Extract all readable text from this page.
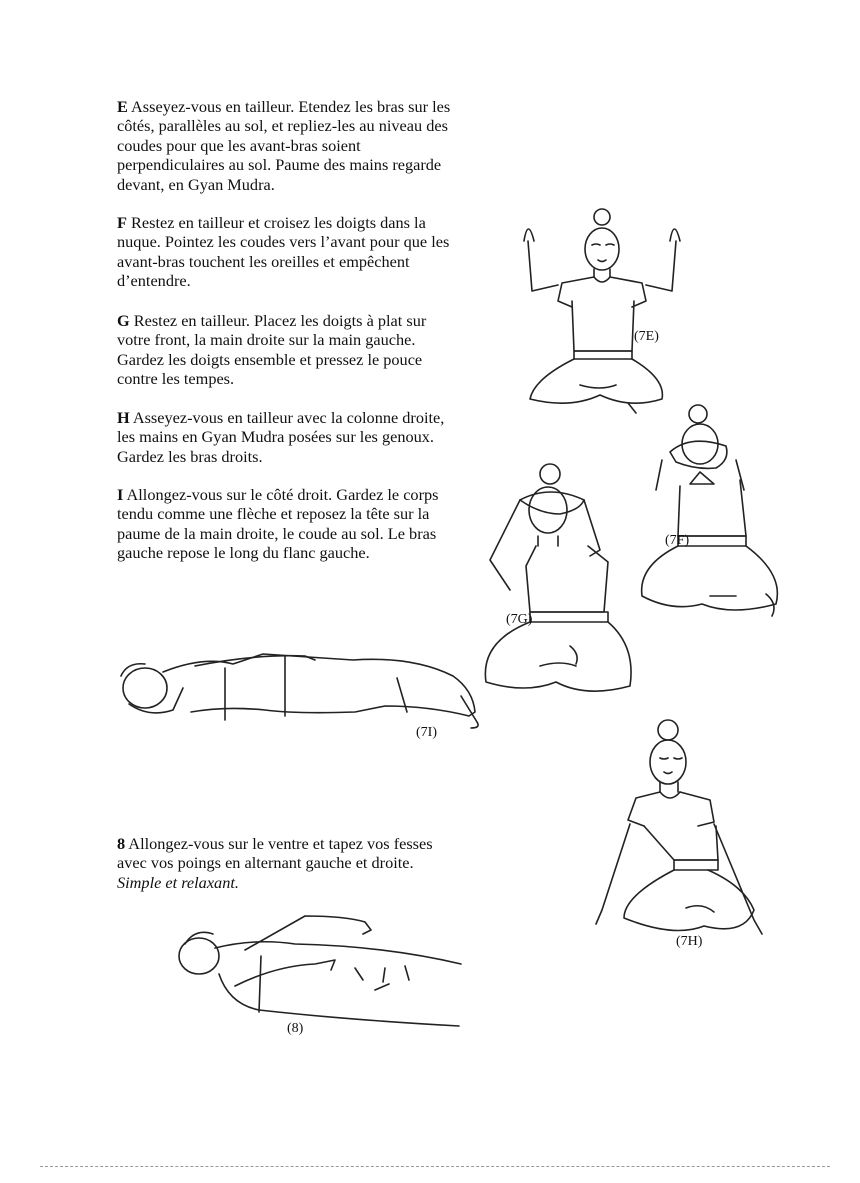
E Asseyez-vous en tailleur. Etendez les bras sur les côtés, parallèles au sol, et repliez-les au niveau des coudes pour que les avant-bras soient perpendiculaires au sol. Paume des mains regarde devant, en Gyan Mudra.

F Restez en tailleur et croisez les doigts dans la nuque. Pointez les coudes vers l’avant pour que les avant-bras touchent les oreilles et empêchent d’entendre.

G Restez en tailleur. Placez les doigts à plat sur votre front, la main droite sur la main gauche. Gardez les doigts ensemble et pressez le pouce contre les tempes.

H Asseyez-vous en tailleur avec la colonne droite, les mains en Gyan Mudra posées sur les genoux. Gardez les bras droits.

I Allongez-vous sur le côté droit. Gardez le corps tendu comme une flèche et reposez la tête sur la paume de la main droite, le coude au sol. Le bras gauche repose le long du flanc gauche.

8 Allongez-vous sur le ventre et tapez vos fesses avec vos poings en alternant gauche et droite.
Simple et relaxant.

(7E)
(7F)
(7G)
(7H)
(7I)
(8)
